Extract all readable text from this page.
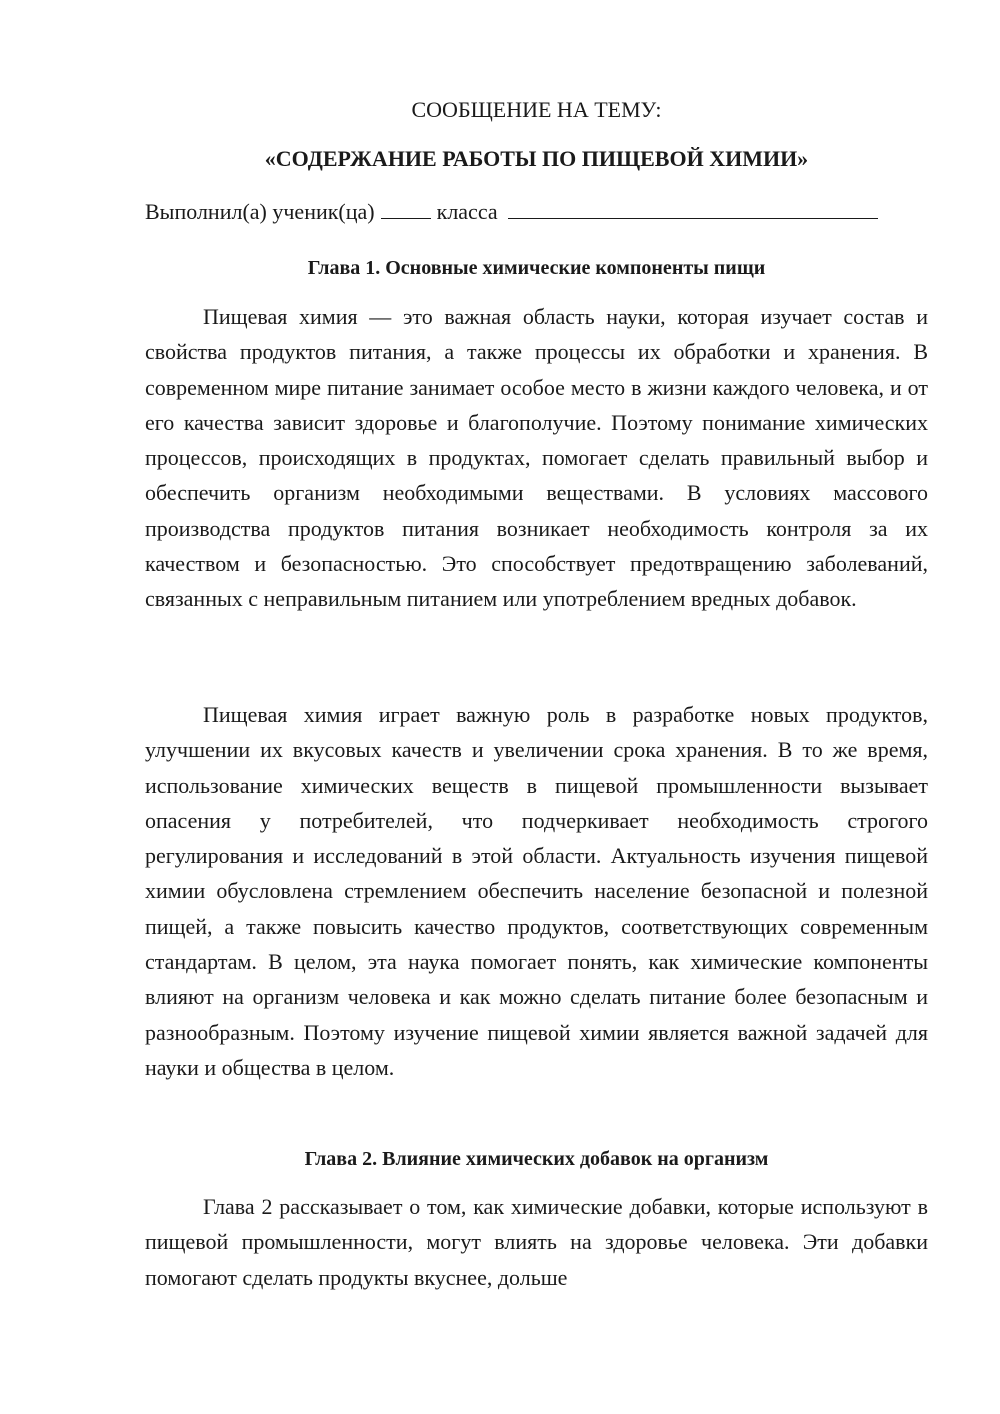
СООБЩЕНИЕ НА ТЕМУ:

«СОДЕРЖАНИЕ РАБОТЫ ПО ПИЩЕВОЙ ХИМИИ»

Выполнил(а) ученик(ца)	класса
Глава 1. Основные химические компоненты пищи

Пищевая химия — это важная область науки, которая изучает состав и свойства продуктов питания, а также процессы их обработки и хранения. В современном мире питание занимает особое место в жизни каждого человека, и от его качества зависит здоровье и благополучие. Поэтому понимание химических процессов, происходящих в продуктах, помогает сделать правильный выбор и обеспечить организм необходимыми веществами. В условиях массового производства продуктов питания возникает необходимость контроля за их качеством и безопасностью. Это способствует предотвращению заболеваний, связанных с неправильным питанием или употреблением вредных добавок.

Пищевая химия играет важную роль в разработке новых продуктов, улучшении их вкусовых качеств и увеличении срока хранения. В то же время, использование химических веществ в пищевой промышленности вызывает опасения у потребителей, что подчеркивает необходимость строгого регулирования и исследований в этой области. Актуальность изучения пищевой химии обусловлена стремлением обеспечить население безопасной и полезной пищей, а также повысить качество продуктов, соответствующих современным стандартам. В целом, эта наука помогает понять, как химические компоненты влияют на организм человека и как можно сделать питание более безопасным и разнообразным. Поэтому изучение пищевой химии является важной задачей для науки и общества в целом.

Глава 2. Влияние химических добавок на организм

Глава 2 рассказывает о том, как химические добавки, которые используют в пищевой промышленности, могут влиять на здоровье человека. Эти добавки помогают сделать продукты вкуснее, дольше
